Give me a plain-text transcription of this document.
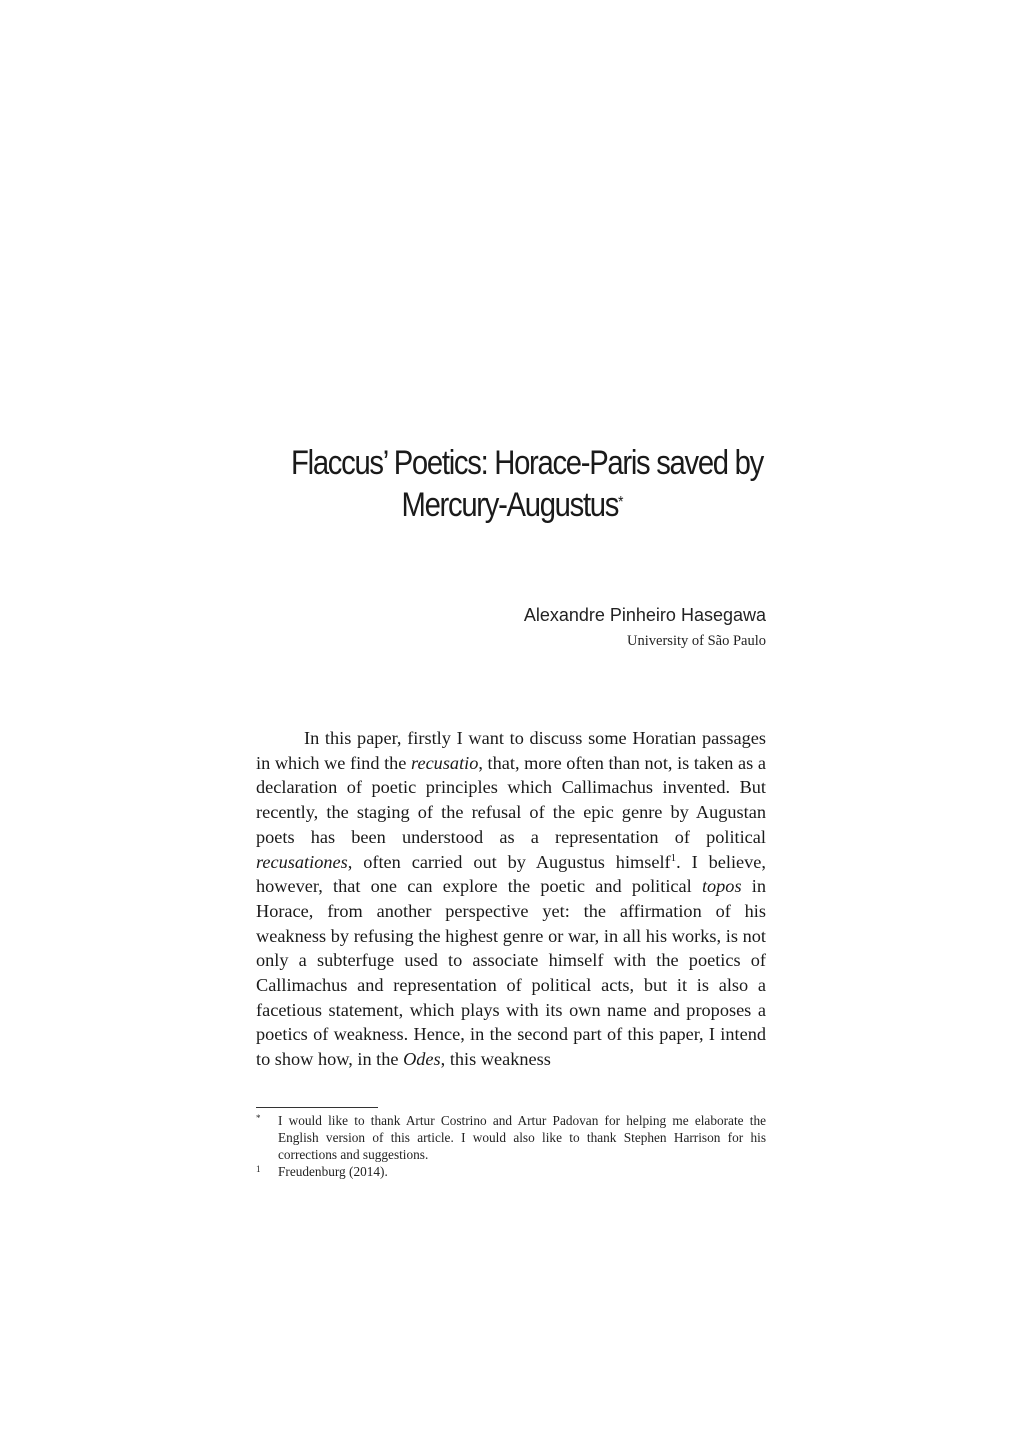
Flaccus’ Poetics: Horace-Paris saved by
Mercury-Augustus*
Alexandre Pinheiro Hasegawa
University of São Paulo

In this paper, firstly I want to discuss some Horatian passages in which we find the recusatio, that, more often than not, is taken as a declaration of poetic principles which Callimachus invented. But recently, the staging of the refusal of the epic genre by Augustan poets has been understood as a representation of political recusationes, often carried out by Augustus himself$^1$. I believe, however, that one can explore the poetic and political topos in Horace, from another perspective yet: the affirmation of his weakness by refusing the highest genre or war, in all his works, is not only a subterfuge used to associate himself with the poetics of Callimachus and representation of political acts, but it is also a facetious statement, which plays with its own name and proposes a poetics of weakness. Hence, in the second part of this paper, I intend to show how, in the Odes, this weakness

*	I would like to thank Artur Costrino and Artur Padovan for helping me elaborate the English version of this article. I would also like to thank Stephen Harrison for his corrections and suggestions.
1	Freudenburg (2014).
